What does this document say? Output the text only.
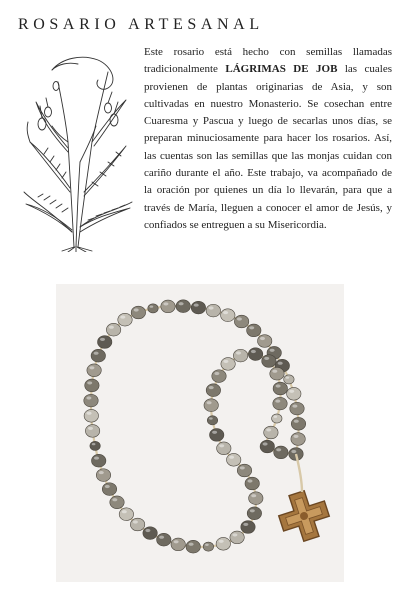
ROSARIO ARTESANAL
Este rosario está hecho con semillas llamadas tradicionalmente LÁGRIMAS DE JOB las cuales provienen de plantas originarias de Asia, y son cultivadas en nuestro Monasterio. Se cosechan entre Cuaresma y Pascua y luego de secarlas unos días, se preparan minuciosamente para hacer los rosarios. Así, las cuentas son las semillas que las monjas cuidan con cariño durante el año. Este trabajo, va acompañado de la oración por quienes un día lo llevarán, para que a través de María, lleguen a conocer el amor de Jesús, y confiados se entreguen a su Misericordia.
